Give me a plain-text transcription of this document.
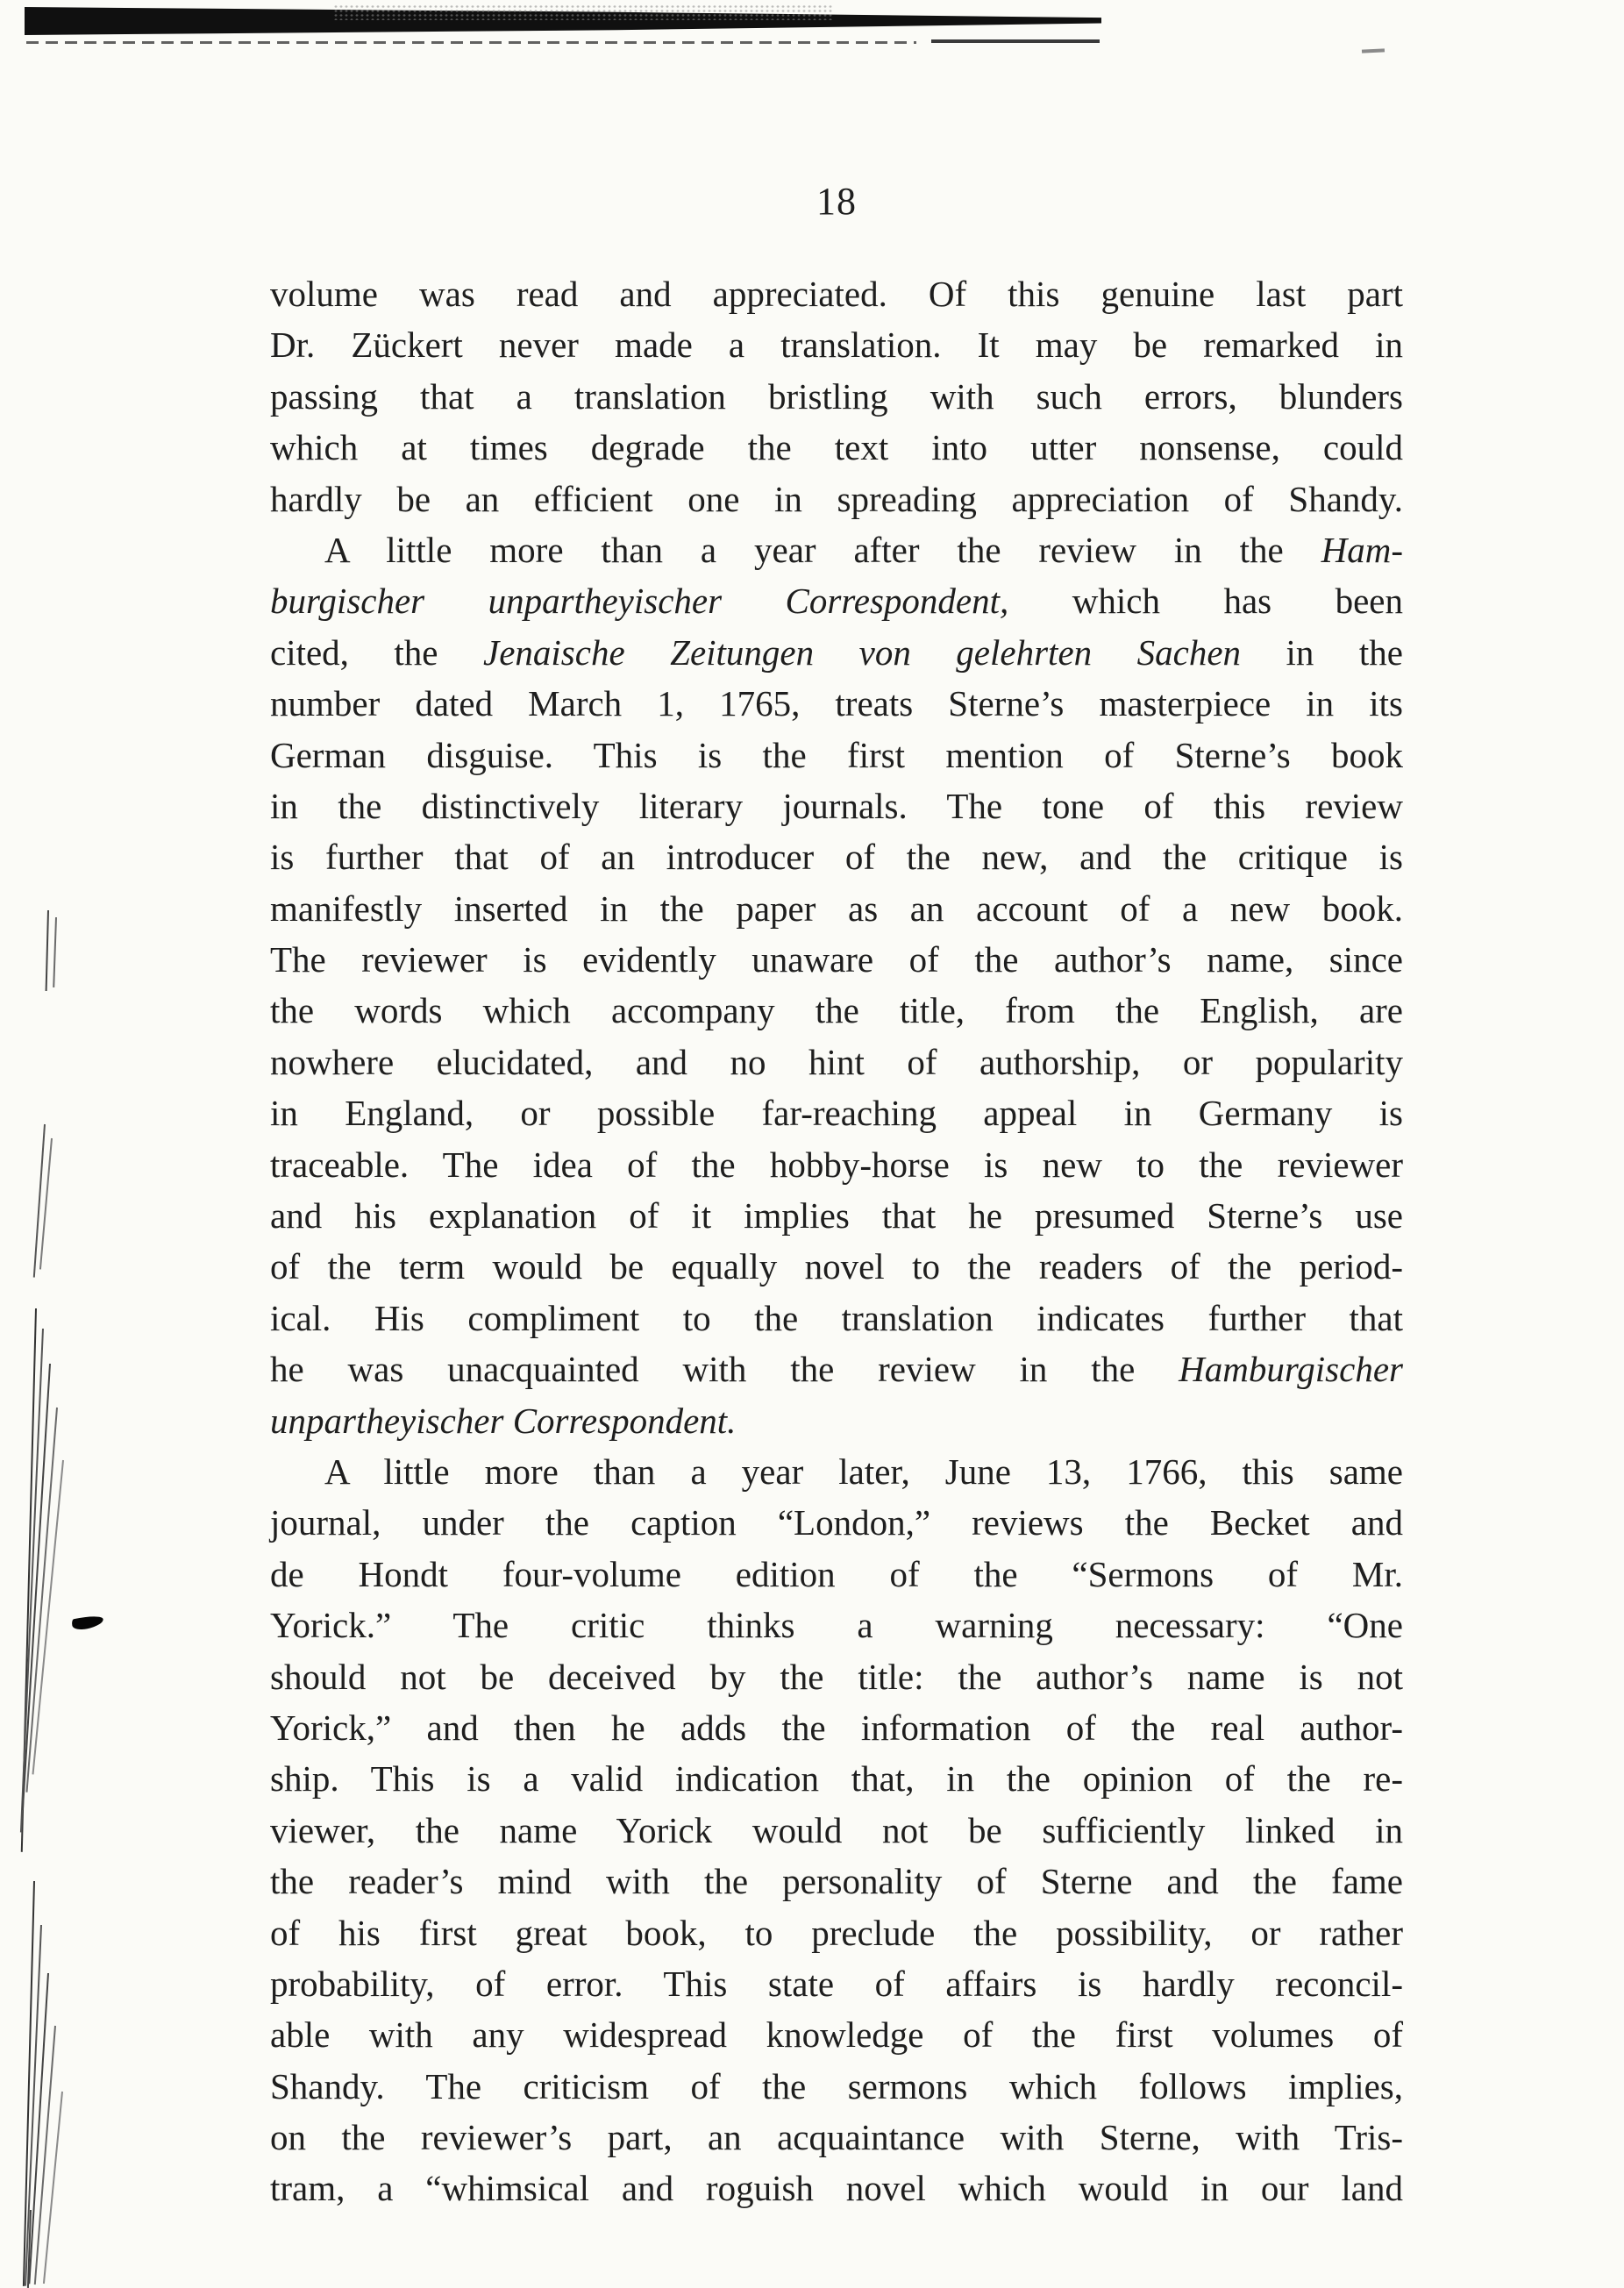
18
volume was read and appreciated. Of this genuine last part
Dr. Zückert never made a translation. It may be remarked in
passing that a translation bristling with such errors, blunders
which at times degrade the text into utter nonsense, could
hardly be an efficient one in spreading appreciation of Shandy.
A little more than a year after the review in the Ham-
burgischer unpartheyischer Correspondent, which has been
cited, the Jenaische Zeitungen von gelehrten Sachen in the
number dated March 1, 1765, treats Sterne’s masterpiece in its
German disguise. This is the first mention of Sterne’s book
in the distinctively literary journals. The tone of this review
is further that of an introducer of the new, and the critique is
manifestly inserted in the paper as an account of a new book.
The reviewer is evidently unaware of the author’s name, since
the words which accompany the title, from the English, are
nowhere elucidated, and no hint of authorship, or popularity
in England, or possible far-reaching appeal in Germany is
traceable. The idea of the hobby-horse is new to the reviewer
and his explanation of it implies that he presumed Sterne’s use
of the term would be equally novel to the readers of the period-
ical. His compliment to the translation indicates further that
he was unacquainted with the review in the Hamburgischer
unpartheyischer Correspondent.
A little more than a year later, June 13, 1766, this same
journal, under the caption “London,” reviews the Becket and
de Hondt four-volume edition of the “Sermons of Mr.
Yorick.” The critic thinks a warning necessary: “One
should not be deceived by the title: the author’s name is not
Yorick,” and then he adds the information of the real author-
ship. This is a valid indication that, in the opinion of the re-
viewer, the name Yorick would not be sufficiently linked in
the reader’s mind with the personality of Sterne and the fame
of his first great book, to preclude the possibility, or rather
probability, of error. This state of affairs is hardly reconcil-
able with any widespread knowledge of the first volumes of
Shandy. The criticism of the sermons which follows implies,
on the reviewer’s part, an acquaintance with Sterne, with Tris-
tram, a “whimsical and roguish novel which would in our land
